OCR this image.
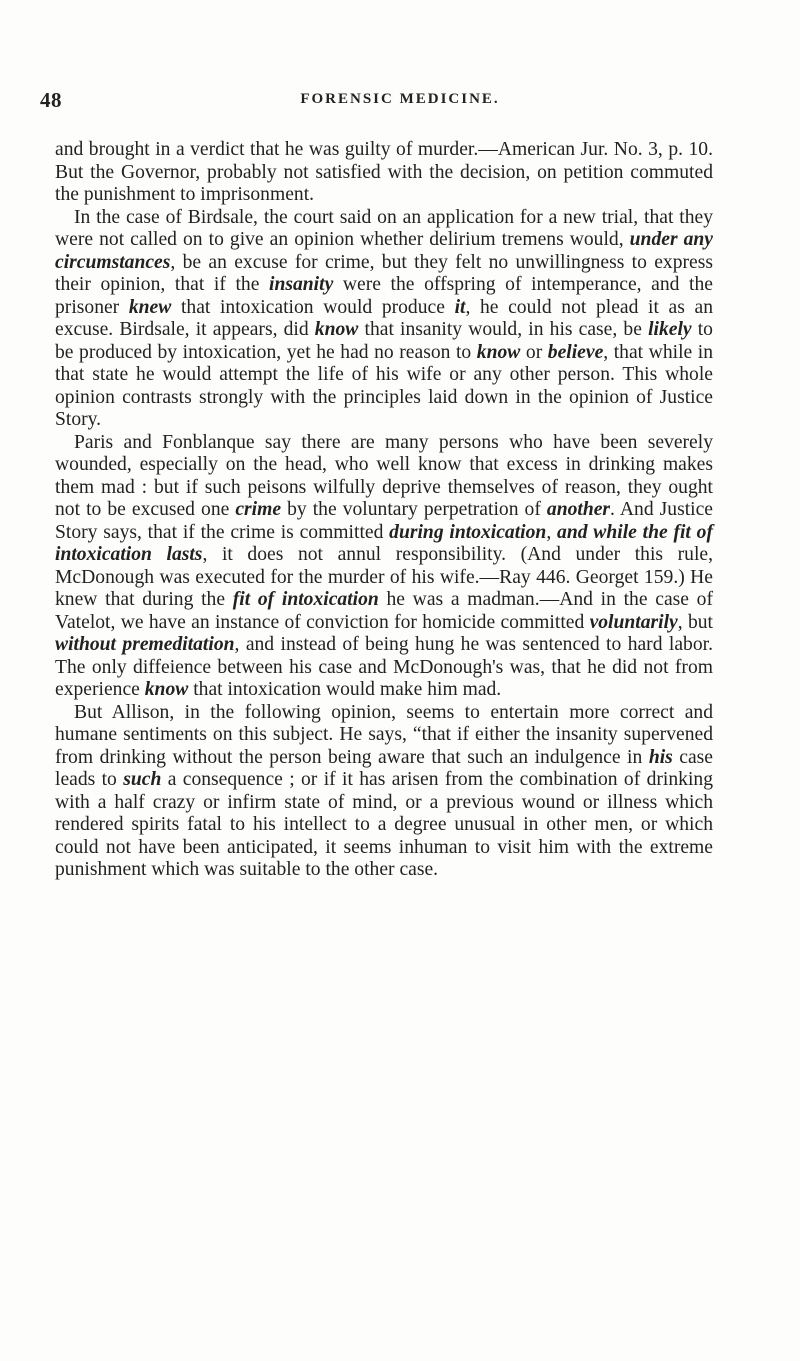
48	FORENSIC MEDICINE.

and brought in a verdict that he was guilty of murder.—American Jur. No. 3, p. 10. But the Governor, probably not satisfied with the decision, on petition commuted the punishment to imprisonment.

In the case of Birdsale, the court said on an application for a new trial, that they were not called on to give an opinion whether delirium tremens would, under any circumstances, be an excuse for crime, but they felt no unwillingness to express their opinion, that if the insanity were the offspring of intemperance, and the prisoner knew that intoxication would produce it, he could not plead it as an excuse. Birdsale, it appears, did know that insanity would, in his case, be likely to be produced by intoxication, yet he had no reason to know or believe, that while in that state he would attempt the life of his wife or any other person. This whole opinion contrasts strongly with the principles laid down in the opinion of Justice Story.

Paris and Fonblanque say there are many persons who have been severely wounded, especially on the head, who well know that excess in drinking makes them mad : but if such peisons wilfully deprive themselves of reason, they ought not to be excused one crime by the voluntary perpetration of another. And Justice Story says, that if the crime is committed during intoxication, and while the fit of intoxication lasts, it does not annul responsibility. (And under this rule, McDonough was executed for the murder of his wife.—Ray 446. Georget 159.) He knew that during the fit of intoxication he was a madman.—And in the case of Vatelot, we have an instance of conviction for homicide committed voluntarily, but without premeditation, and instead of being hung he was sentenced to hard labor. The only diffeience between his case and McDonough's was, that he did not from experience know that intoxication would make him mad.

But Allison, in the following opinion, seems to entertain more correct and humane sentiments on this subject. He says, “that if either the insanity supervened from drinking without the person being aware that such an indulgence in his case leads to such a consequence ; or if it has arisen from the combination of drinking with a half crazy or infirm state of mind, or a previous wound or illness which rendered spirits fatal to his intellect to a degree unusual in other men, or which could not have been anticipated, it seems inhuman to visit him with the extreme punishment which was suitable to the other case.
